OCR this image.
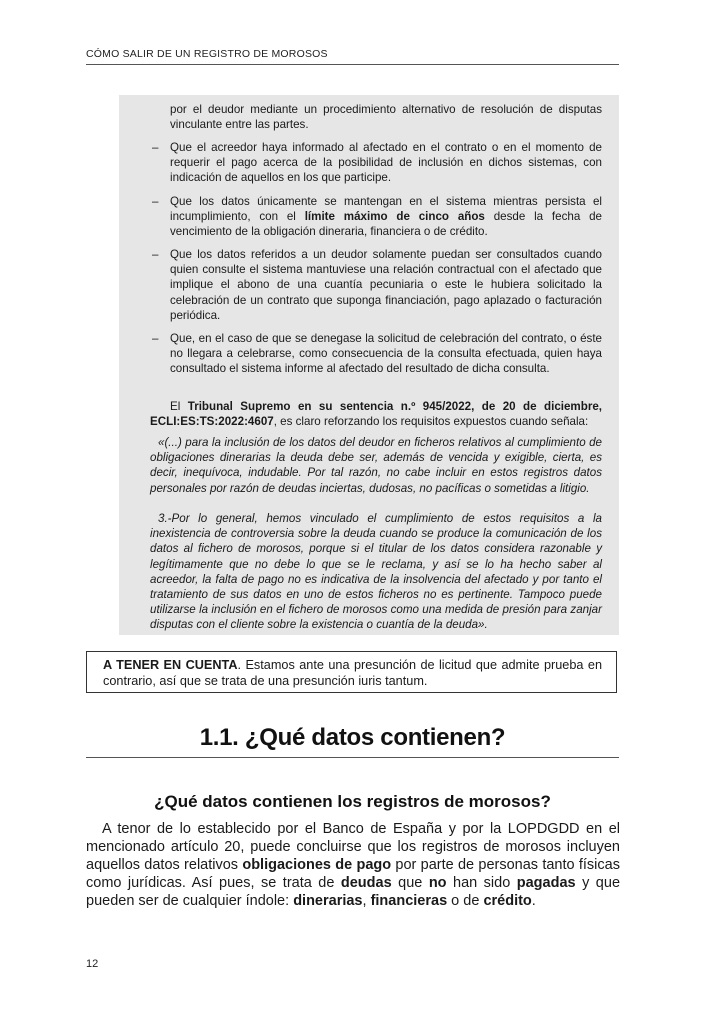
CÓMO SALIR DE UN REGISTRO DE MOROSOS
por el deudor mediante un procedimiento alternativo de resolución de disputas vinculante entre las partes.
– Que el acreedor haya informado al afectado en el contrato o en el momento de requerir el pago acerca de la posibilidad de inclusión en dichos sistemas, con indicación de aquellos en los que participe.
– Que los datos únicamente se mantengan en el sistema mientras persista el incumplimiento, con el límite máximo de cinco años desde la fecha de vencimiento de la obligación dineraria, financiera o de crédito.
– Que los datos referidos a un deudor solamente puedan ser consultados cuando quien consulte el sistema mantuviese una relación contractual con el afectado que implique el abono de una cuantía pecuniaria o este le hubiera solicitado la celebración de un contrato que suponga financiación, pago aplazado o facturación periódica.
– Que, en el caso de que se denegase la solicitud de celebración del contrato, o éste no llegara a celebrarse, como consecuencia de la consulta efectuada, quien haya consultado el sistema informe al afectado del resultado de dicha consulta.
El Tribunal Supremo en su sentencia n.º 945/2022, de 20 de diciembre, ECLI:ES:TS:2022:4607, es claro reforzando los requisitos expuestos cuando señala:
«(...) para la inclusión de los datos del deudor en ficheros relativos al cumplimiento de obligaciones dinerarias la deuda debe ser, además de vencida y exigible, cierta, es decir, inequívoca, indudable. Por tal razón, no cabe incluir en estos registros datos personales por razón de deudas inciertas, dudosas, no pacíficas o sometidas a litigio.
3.-Por lo general, hemos vinculado el cumplimiento de estos requisitos a la inexistencia de controversia sobre la deuda cuando se produce la comunicación de los datos al fichero de morosos, porque si el titular de los datos considera razonable y legítimamente que no debe lo que se le reclama, y así se lo ha hecho saber al acreedor, la falta de pago no es indicativa de la insolvencia del afectado y por tanto el tratamiento de sus datos en uno de estos ficheros no es pertinente. Tampoco puede utilizarse la inclusión en el fichero de morosos como una medida de presión para zanjar disputas con el cliente sobre la existencia o cuantía de la deuda».
A TENER EN CUENTA. Estamos ante una presunción de licitud que admite prueba en contrario, así que se trata de una presunción iuris tantum.
1.1. ¿Qué datos contienen?
¿Qué datos contienen los registros de morosos?
A tenor de lo establecido por el Banco de España y por la LOPDGDD en el mencionado artículo 20, puede concluirse que los registros de morosos incluyen aquellos datos relativos obligaciones de pago por parte de personas tanto físicas como jurídicas. Así pues, se trata de deudas que no han sido pagadas y que pueden ser de cualquier índole: dinerarias, financieras o de crédito.
12
